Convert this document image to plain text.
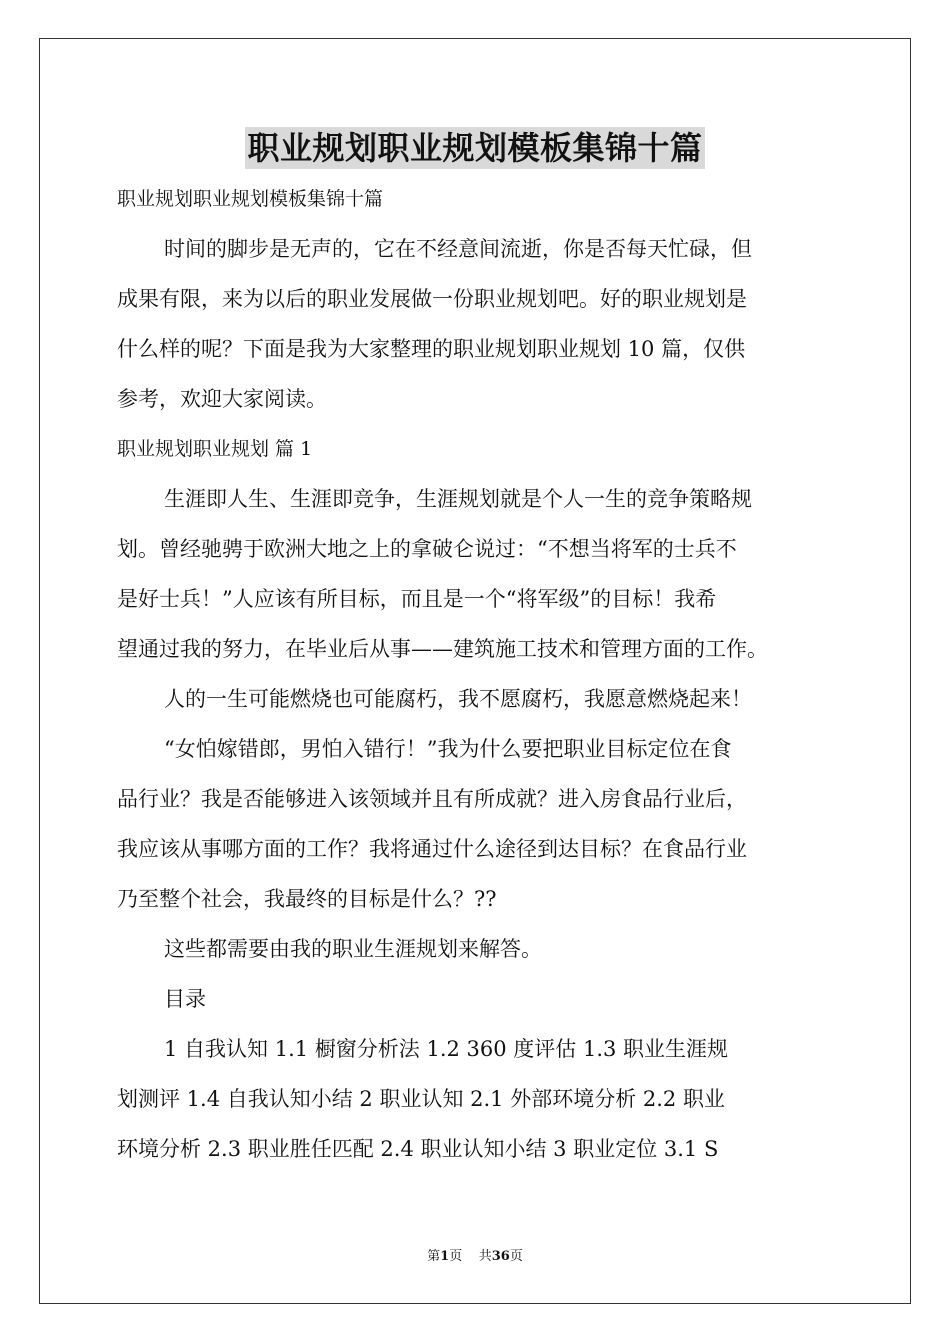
职业规划职业规划模板集锦十篇
职业规划职业规划模板集锦十篇
时间的脚步是无声的，它在不经意间流逝，你是否每天忙碌，但
成果有限，来为以后的职业发展做一份职业规划吧。好的职业规划是
什么样的呢？下面是我为大家整理的职业规划职业规划 10 篇，仅供
参考，欢迎大家阅读。
职业规划职业规划 篇 1
生涯即人生、生涯即竞争，生涯规划就是个人一生的竞争策略规
划。曾经驰骋于欧洲大地之上的拿破仑说过：“不想当将军的士兵不
是好士兵！”人应该有所目标，而且是一个“将军级”的目标！我希
望通过我的努力，在毕业后从事——建筑施工技术和管理方面的工作。
人的一生可能燃烧也可能腐朽，我不愿腐朽，我愿意燃烧起来！
“女怕嫁错郎，男怕入错行！”我为什么要把职业目标定位在食
品行业？我是否能够进入该领域并且有所成就？进入房食品行业后，
我应该从事哪方面的工作？我将通过什么途径到达目标？在食品行业
乃至整个社会，我最终的目标是什么？??
这些都需要由我的职业生涯规划来解答。
目录
1 自我认知 1.1 橱窗分析法 1.2 360 度评估 1.3 职业生涯规
划测评 1.4 自我认知小结 2 职业认知 2.1 外部环境分析 2.2 职业
环境分析 2.3 职业胜任匹配 2.4 职业认知小结 3 职业定位 3.1 S
第1页 共36页
